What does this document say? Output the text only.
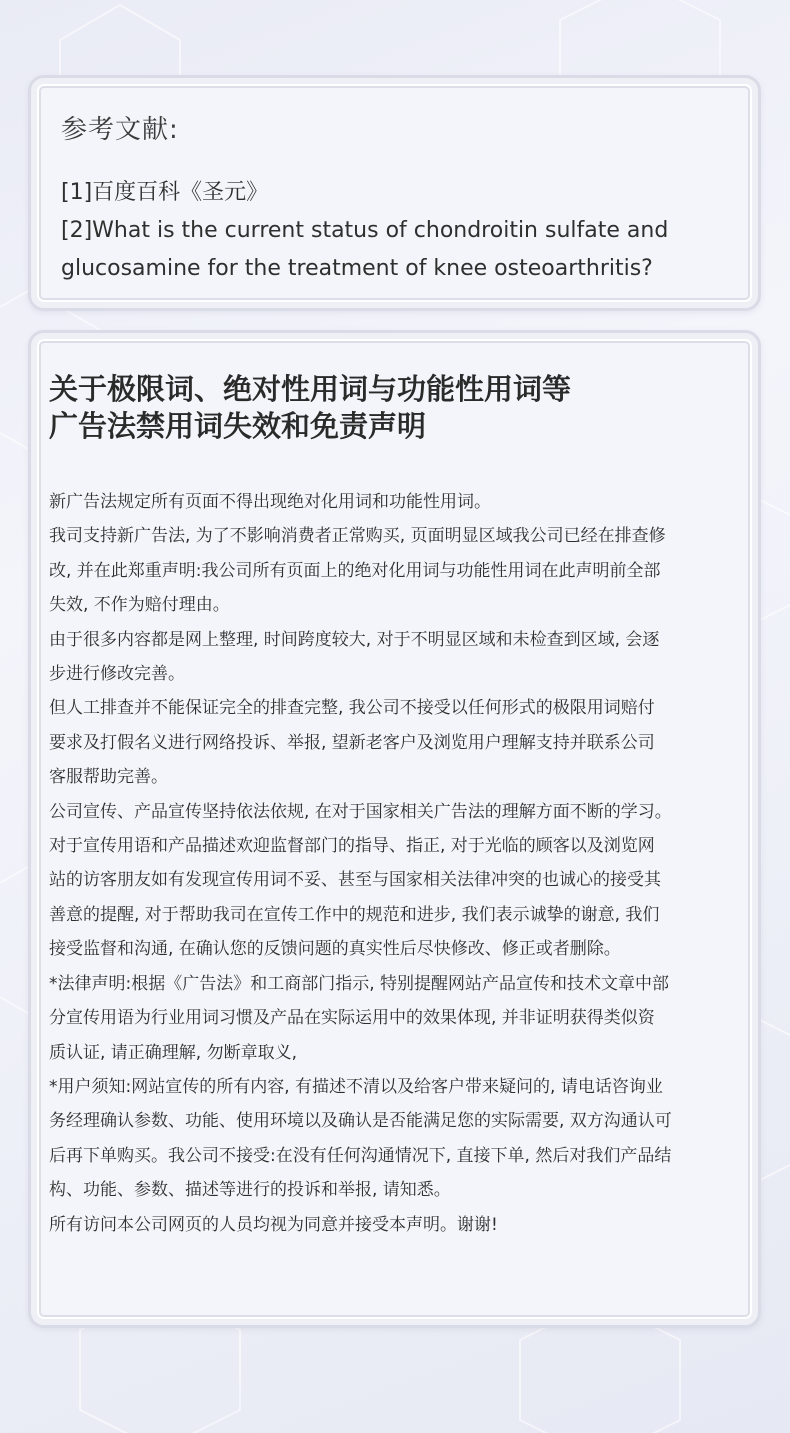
参考文献:
[1]百度百科《圣元》
[2]What is the current status of chondroitin sulfate and
glucosamine for the treatment of knee osteoarthritis?
关于极限词、绝对性用词与功能性用词等
广告法禁用词失效和免责声明
新广告法规定所有页面不得出现绝对化用词和功能性用词。
我司支持新广告法, 为了不影响消费者正常购买, 页面明显区域我公司已经在排查修
改, 并在此郑重声明:我公司所有页面上的绝对化用词与功能性用词在此声明前全部
失效, 不作为赔付理由。
由于很多内容都是网上整理, 时间跨度较大, 对于不明显区域和未检查到区域, 会逐
步进行修改完善。
但人工排查并不能保证完全的排查完整, 我公司不接受以任何形式的极限用词赔付
要求及打假名义进行网络投诉、举报, 望新老客户及浏览用户理解支持并联系公司
客服帮助完善。
公司宣传、产品宣传坚持依法依规, 在对于国家相关广告法的理解方面不断的学习。
对于宣传用语和产品描述欢迎监督部门的指导、指正, 对于光临的顾客以及浏览网
站的访客朋友如有发现宣传用词不妥、甚至与国家相关法律冲突的也诚心的接受其
善意的提醒, 对于帮助我司在宣传工作中的规范和进步, 我们表示诚挚的谢意, 我们
接受监督和沟通, 在确认您的反馈问题的真实性后尽快修改、修正或者删除。
*法律声明:根据《广告法》和工商部门指示, 特别提醒网站产品宣传和技术文章中部
分宣传用语为行业用词习惯及产品在实际运用中的效果体现, 并非证明获得类似资
质认证, 请正确理解, 勿断章取义,
*用户须知:网站宣传的所有内容, 有描述不清以及给客户带来疑问的, 请电话咨询业
务经理确认参数、功能、使用环境以及确认是否能满足您的实际需要, 双方沟通认可
后再下单购买。我公司不接受:在没有任何沟通情况下, 直接下单, 然后对我们产品结
构、功能、参数、描述等进行的投诉和举报, 请知悉。
所有访问本公司网页的人员均视为同意并接受本声明。谢谢!
